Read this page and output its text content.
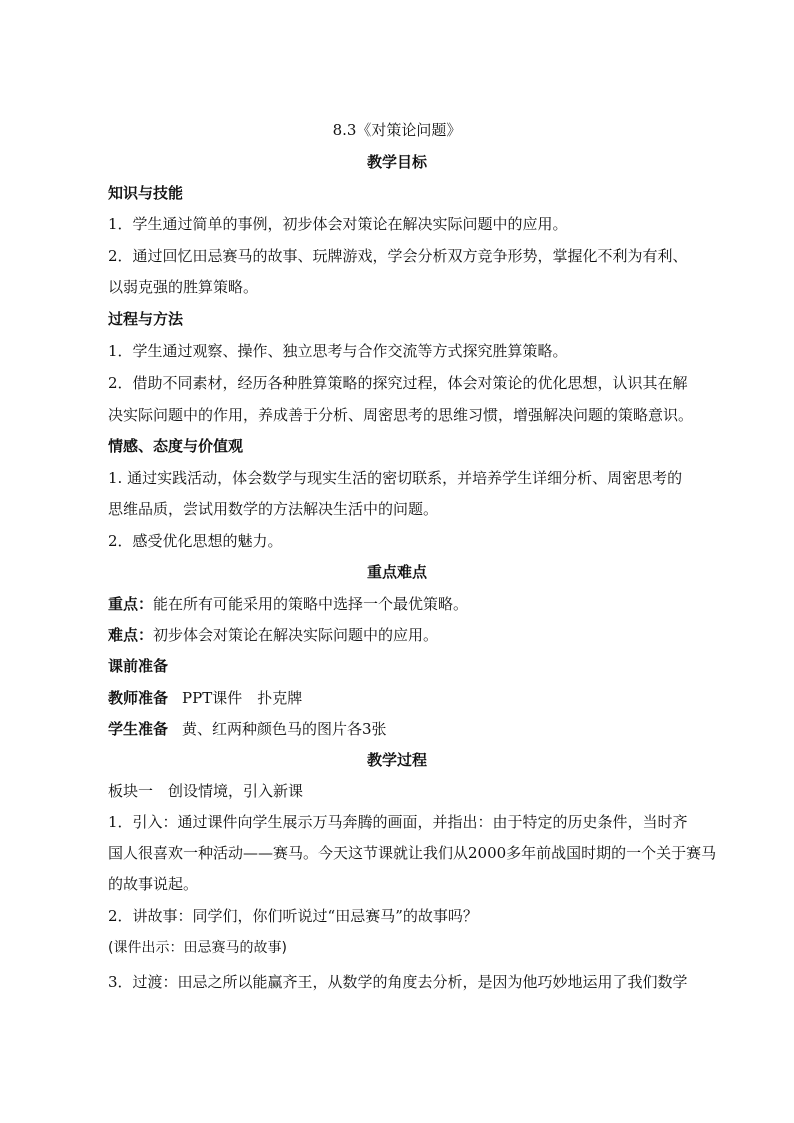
8.3《对策论问题》
教学目标
知识与技能
1．学生通过简单的事例，初步体会对策论在解决实际问题中的应用。
2．通过回忆田忌赛马的故事、玩牌游戏，学会分析双方竞争形势，掌握化不利为有利、
以弱克强的胜算策略。
过程与方法
1．学生通过观察、操作、独立思考与合作交流等方式探究胜算策略。
2．借助不同素材，经历各种胜算策略的探究过程，体会对策论的优化思想，认识其在解
决实际问题中的作用，养成善于分析、周密思考的思维习惯，增强解决问题的策略意识。
情感、态度与价值观
1. 通过实践活动，体会数学与现实生活的密切联系，并培养学生详细分析、周密思考的
思维品质，尝试用数学的方法解决生活中的问题。
2．感受优化思想的魅力。
重点难点
重点：能在所有可能采用的策略中选择一个最优策略。
难点：初步体会对策论在解决实际问题中的应用。
课前准备
教师准备 PPT课件　扑克牌
学生准备 黄、红两种颜色马的图片各3张
教学过程
板块一　创设情境，引入新课
1．引入：通过课件向学生展示万马奔腾的画面，并指出：由于特定的历史条件，当时齐
国人很喜欢一种活动——赛马。今天这节课就让我们从2000多年前战国时期的一个关于赛马
的故事说起。
2．讲故事：同学们，你们听说过“田忌赛马”的故事吗？
(课件出示：田忌赛马的故事)
3．过渡：田忌之所以能赢齐王，从数学的角度去分析，是因为他巧妙地运用了我们数学
